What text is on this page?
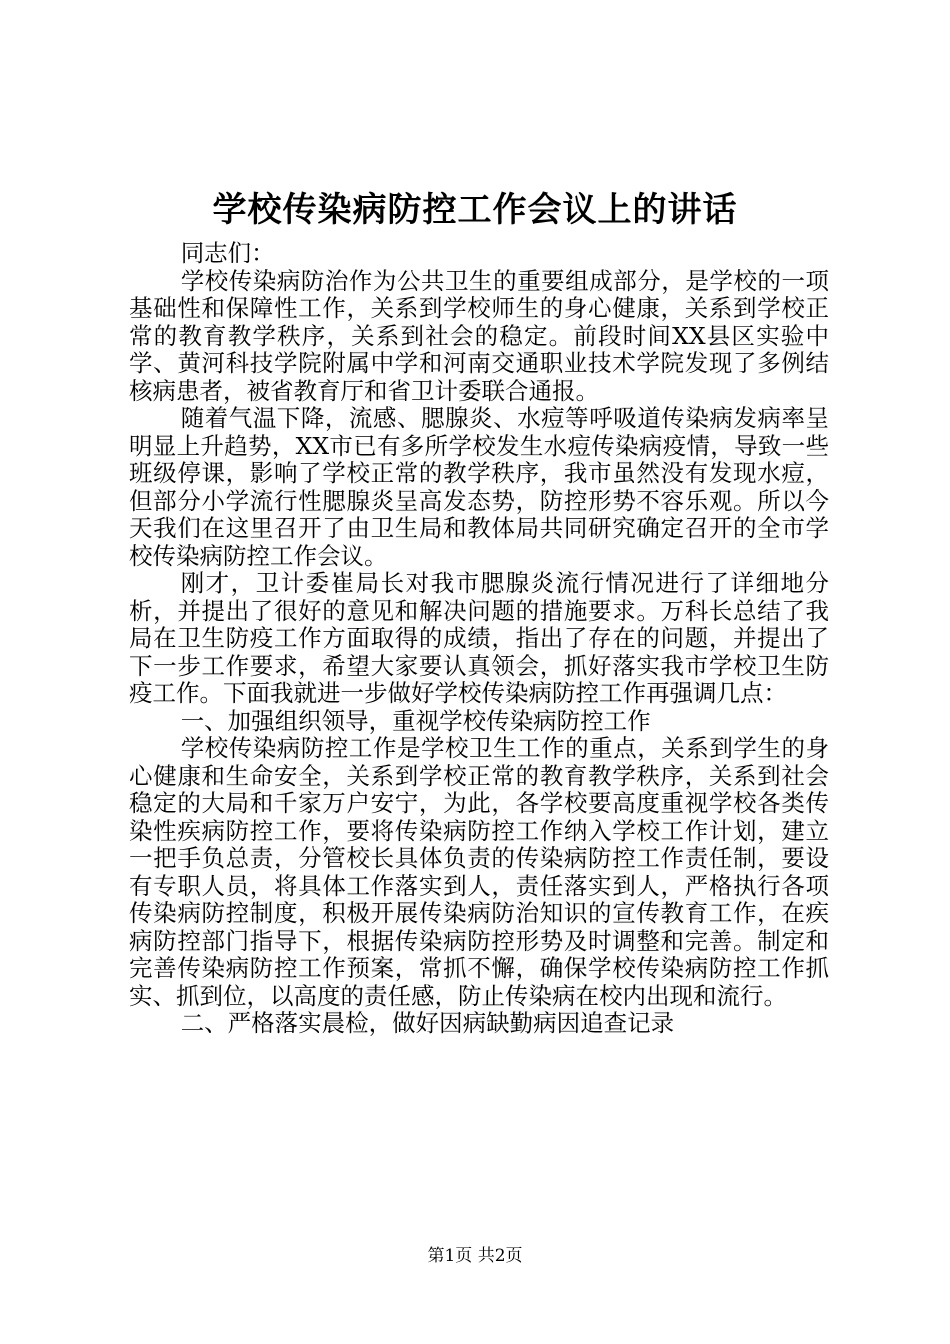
学校传染病防控工作会议上的讲话

同志们：

学校传染病防治作为公共卫生的重要组成部分，是学校的一项基础性和保障性工作，关系到学校师生的身心健康，关系到学校正常的教育教学秩序，关系到社会的稳定。前段时间XX县区实验中学、黄河科技学院附属中学和河南交通职业技术学院发现了多例结核病患者，被省教育厅和省卫计委联合通报。

随着气温下降，流感、腮腺炎、水痘等呼吸道传染病发病率呈明显上升趋势，XX市已有多所学校发生水痘传染病疫情，导致一些班级停课，影响了学校正常的教学秩序，我市虽然没有发现水痘，但部分小学流行性腮腺炎呈高发态势，防控形势不容乐观。所以今天我们在这里召开了由卫生局和教体局共同研究确定召开的全市学校传染病防控工作会议。

刚才，卫计委崔局长对我市腮腺炎流行情况进行了详细地分析，并提出了很好的意见和解决问题的措施要求。万科长总结了我局在卫生防疫工作方面取得的成绩，指出了存在的问题，并提出了下一步工作要求，希望大家要认真领会，抓好落实我市学校卫生防疫工作。下面我就进一步做好学校传染病防控工作再强调几点：

一、加强组织领导，重视学校传染病防控工作

学校传染病防控工作是学校卫生工作的重点，关系到学生的身心健康和生命安全，关系到学校正常的教育教学秩序，关系到社会稳定的大局和千家万户安宁，为此，各学校要高度重视学校各类传染性疾病防控工作，要将传染病防控工作纳入学校工作计划，建立一把手负总责，分管校长具体负责的传染病防控工作责任制，要设有专职人员，将具体工作落实到人，责任落实到人，严格执行各项传染病防控制度，积极开展传染病防治知识的宣传教育工作，在疾病防控部门指导下，根据传染病防控形势及时调整和完善。制定和完善传染病防控工作预案，常抓不懈，确保学校传染病防控工作抓实、抓到位，以高度的责任感，防止传染病在校内出现和流行。

二、严格落实晨检，做好因病缺勤病因追查记录

第1页 共2页
